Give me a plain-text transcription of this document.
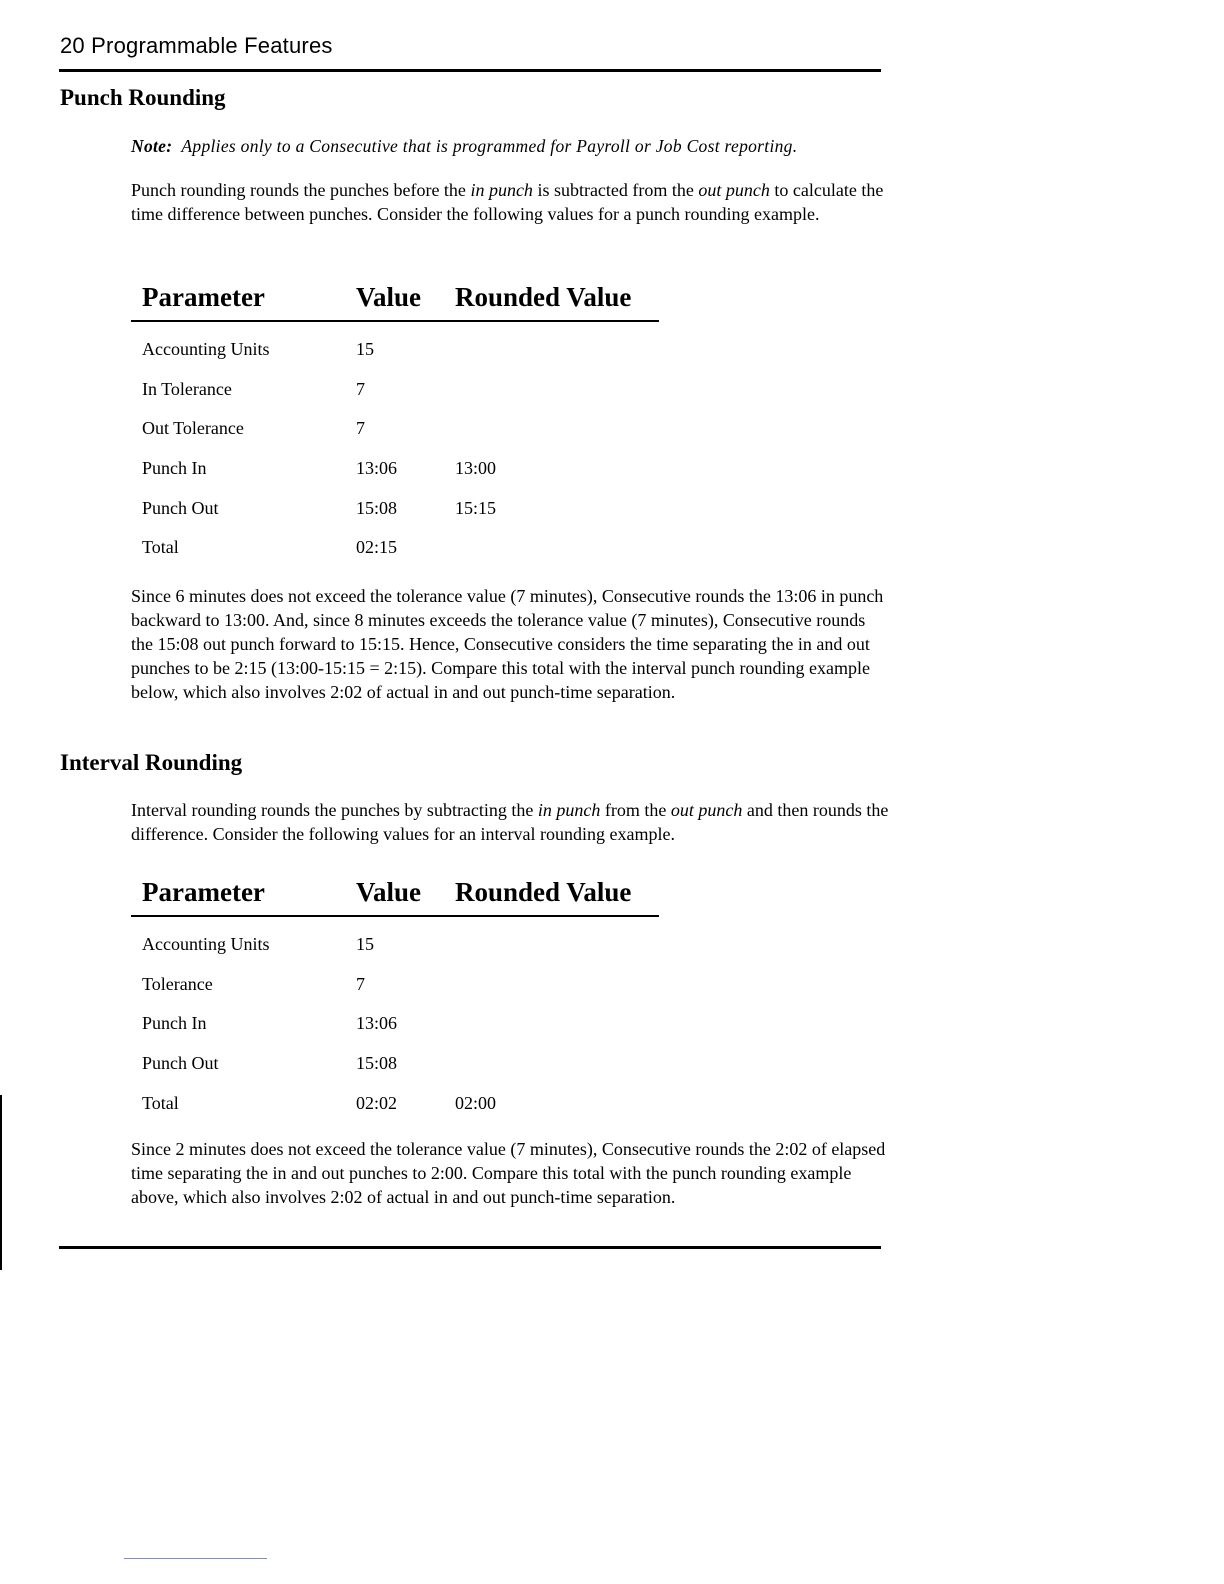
20 Programmable Features
Punch Rounding

Note: Applies only to a Consecutive that is programmed for Payroll or Job Cost reporting.

Punch rounding rounds the punches before the in punch is subtracted from the out punch to calculate the time difference between punches. Consider the following values for a punch rounding example.

Parameter	Value	Rounded Value
Accounting Units	15	
In Tolerance	7	
Out Tolerance	7	
Punch In	13:06	13:00
Punch Out	15:08	15:15
Total	02:15	

Since 6 minutes does not exceed the tolerance value (7 minutes), Consecutive rounds the 13:06 in punch backward to 13:00. And, since 8 minutes exceeds the tolerance value (7 minutes), Consecutive rounds the 15:08 out punch forward to 15:15. Hence, Consecutive considers the time separating the in and out punches to be 2:15 (13:00-15:15 = 2:15). Compare this total with the interval punch rounding example below, which also involves 2:02 of actual in and out punch-time separation.

Interval Rounding

Interval rounding rounds the punches by subtracting the in punch from the out punch and then rounds the difference. Consider the following values for an interval rounding example.

Parameter	Value	Rounded Value
Accounting Units	15	
Tolerance	7	
Punch In	13:06	
Punch Out	15:08	
Total	02:02	02:00

Since 2 minutes does not exceed the tolerance value (7 minutes), Consecutive rounds the 2:02 of elapsed time separating the in and out punches to 2:00. Compare this total with the punch rounding example above, which also involves 2:02 of actual in and out punch-time separation.
